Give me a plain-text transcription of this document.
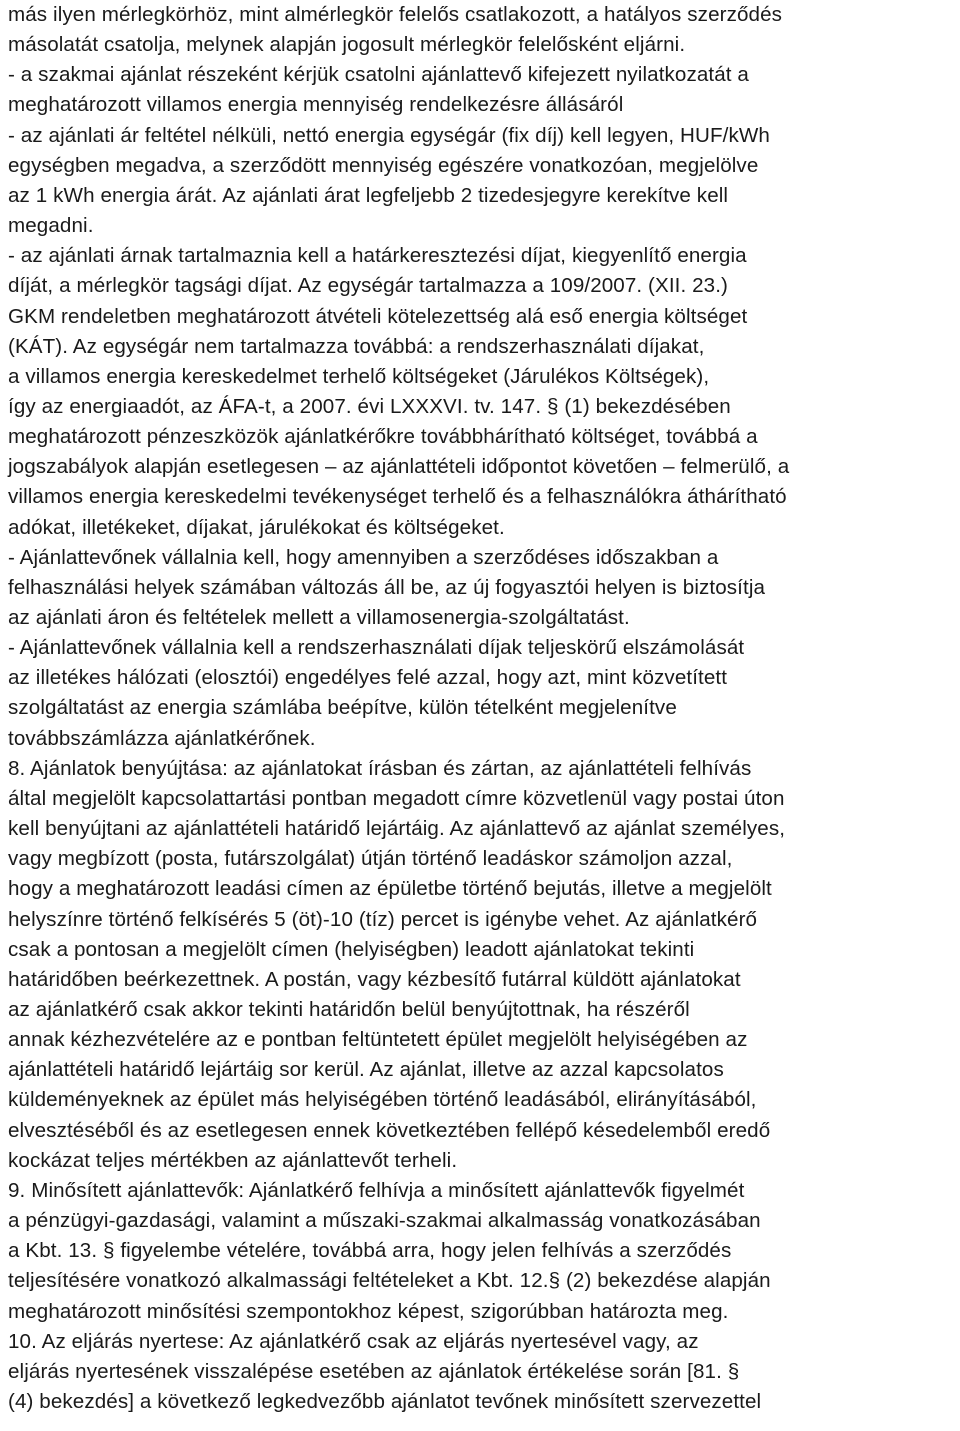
más ilyen mérlegkörhöz, mint almérlegkör felelős csatlakozott, a hatályos szerződés
másolatát csatolja, melynek alapján jogosult mérlegkör felelősként eljárni.
- a szakmai ajánlat részeként kérjük csatolni ajánlattevő kifejezett nyilatkozatát a
meghatározott villamos energia mennyiség rendelkezésre állásáról
- az ajánlati ár feltétel nélküli, nettó energia egységár (fix díj) kell legyen, HUF/kWh
egységben megadva, a szerződött mennyiség egészére vonatkozóan, megjelölve
az 1 kWh energia árát. Az ajánlati árat legfeljebb 2 tizedesjegyre kerekítve kell
megadni.
- az ajánlati árnak tartalmaznia kell a határkeresztezési díjat, kiegyenlítő energia
díját, a mérlegkör tagsági díjat. Az egységár tartalmazza a 109/2007. (XII. 23.)
GKM rendeletben meghatározott átvételi kötelezettség alá eső energia költséget
(KÁT). Az egységár nem tartalmazza továbbá: a rendszerhasználati díjakat,
a villamos energia kereskedelmet terhelő költségeket (Járulékos Költségek),
így az energiaadót, az ÁFA-t, a 2007. évi LXXXVI. tv. 147. § (1) bekezdésében
meghatározott pénzeszközök ajánlatkérőkre továbbhárítható költséget, továbbá a
jogszabályok alapján esetlegesen – az ajánlattételi időpontot követően – felmerülő, a
villamos energia kereskedelmi tevékenységet terhelő és a felhasználókra áthárítható
adókat, illetékeket, díjakat, járulékokat és költségeket.
- Ajánlattevőnek vállalnia kell, hogy amennyiben a szerződéses időszakban a
felhasználási helyek számában változás áll be, az új fogyasztói helyen is biztosítja
az ajánlati áron és feltételek mellett a villamosenergia-szolgáltatást.
- Ajánlattevőnek vállalnia kell a rendszerhasználati díjak teljeskörű elszámolását
az illetékes hálózati (elosztói) engedélyes felé azzal, hogy azt, mint közvetített
szolgáltatást az energia számlába beépítve, külön tételként megjelenítve
továbbszámlázza ajánlatkérőnek.
8. Ajánlatok benyújtása: az ajánlatokat írásban és zártan, az ajánlattételi felhívás
által megjelölt kapcsolattartási pontban megadott címre közvetlenül vagy postai úton
kell benyújtani az ajánlattételi határidő lejártáig. Az ajánlattevő az ajánlat személyes,
vagy megbízott (posta, futárszolgálat) útján történő leadáskor számoljon azzal,
hogy a meghatározott leadási címen az épületbe történő bejutás, illetve a megjelölt
helyszínre történő felkísérés 5 (öt)-10 (tíz) percet is igénybe vehet. Az ajánlatkérő
csak a pontosan a megjelölt címen (helyiségben) leadott ajánlatokat tekinti
határidőben beérkezettnek. A postán, vagy kézbesítő futárral küldött ajánlatokat
az ajánlatkérő csak akkor tekinti határidőn belül benyújtottnak, ha részéről
annak kézhezvételére az e pontban feltüntetett épület megjelölt helyiségében az
ajánlattételi határidő lejártáig sor kerül. Az ajánlat, illetve az azzal kapcsolatos
küldeményeknek az épület más helyiségében történő leadásából, elirányításából,
elvesztéséből és az esetlegesen ennek következtében fellépő késedelemből eredő
kockázat teljes mértékben az ajánlattevőt terheli.
9. Minősített ajánlattevők: Ajánlatkérő felhívja a minősített ajánlattevők figyelmét
a pénzügyi-gazdasági, valamint a műszaki-szakmai alkalmasság vonatkozásában
a Kbt. 13. § figyelembe vételére, továbbá arra, hogy jelen felhívás a szerződés
teljesítésére vonatkozó alkalmassági feltételeket a Kbt. 12.§ (2) bekezdése alapján
meghatározott minősítési szempontokhoz képest, szigorúbban határozta meg.
10. Az eljárás nyertese: Az ajánlatkérő csak az eljárás nyertesével vagy, az
eljárás nyertesének visszalépése esetében az ajánlatok értékelése során [81. §
(4) bekezdés] a következő legkedvezőbb ajánlatot tevőnek minősített szervezettel
